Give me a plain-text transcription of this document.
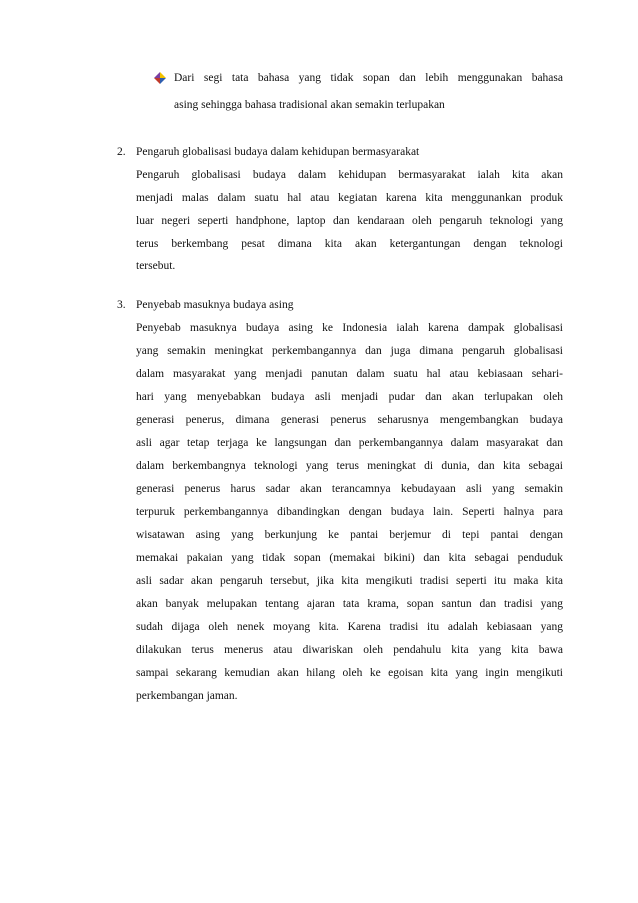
Dari segi tata bahasa yang tidak sopan dan lebih menggunakan bahasa
asing sehingga bahasa tradisional akan semakin terlupakan
2. Pengaruh globalisasi budaya dalam kehidupan bermasyarakat
Pengaruh globalisasi budaya dalam kehidupan bermasyarakat ialah kita akan
menjadi malas dalam suatu hal atau kegiatan karena kita menggunankan produk
luar negeri seperti handphone, laptop dan kendaraan oleh pengaruh teknologi yang
terus berkembang pesat dimana kita akan ketergantungan dengan teknologi
tersebut.
3. Penyebab masuknya budaya asing
Penyebab masuknya budaya asing ke Indonesia ialah karena dampak globalisasi
yang semakin meningkat perkembangannya dan juga dimana pengaruh globalisasi
dalam masyarakat yang menjadi panutan dalam suatu hal atau kebiasaan sehari-
hari yang menyebabkan budaya asli menjadi pudar dan akan terlupakan oleh
generasi penerus, dimana generasi penerus seharusnya mengembangkan budaya
asli agar tetap terjaga ke langsungan dan perkembangannya dalam masyarakat dan
dalam berkembangnya teknologi yang terus meningkat di dunia, dan kita sebagai
generasi penerus harus sadar akan terancamnya kebudayaan asli yang semakin
terpuruk perkembangannya dibandingkan dengan budaya lain. Seperti halnya para
wisatawan asing yang berkunjung ke pantai berjemur di tepi pantai dengan
memakai pakaian yang tidak sopan (memakai bikini) dan kita sebagai penduduk
asli sadar akan pengaruh tersebut, jika kita mengikuti tradisi seperti itu maka kita
akan banyak melupakan tentang ajaran tata krama, sopan santun dan tradisi yang
sudah dijaga oleh nenek moyang kita. Karena tradisi itu adalah kebiasaan yang
dilakukan terus menerus atau diwariskan oleh pendahulu kita yang kita bawa
sampai sekarang kemudian akan hilang oleh ke egoisan kita yang ingin mengikuti
perkembangan jaman.
